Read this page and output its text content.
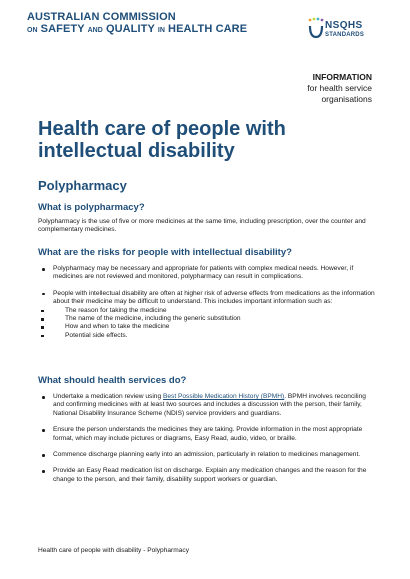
AUSTRALIAN COMMISSION
ON SAFETY AND QUALITY IN HEALTH CARE	NSQHS
STANDARDS
INFORMATION
for health service
organisations
Health care of people with intellectual disability
Polypharmacy
What is polypharmacy?
Polypharmacy is the use of five or more medicines at the same time, including prescription, over the counter and complementary medicines.
What are the risks for people with intellectual disability?
Polypharmacy may be necessary and appropriate for patients with complex medical needs. However, if medicines are not reviewed and monitored, polypharmacy can result in complications.
People with intellectual disability are often at higher risk of adverse effects from medications as the information about their medicine may be difficult to understand. This includes important information such as:
The reason for taking the medicine
The name of the medicine, including the generic substitution
How and when to take the medicine
Potential side effects.
What should health services do?
Undertake a medication review using Best Possible Medication History (BPMH). BPMH involves reconciling and confirming medicines with at least two sources and includes a discussion with the person, their family, National Disability Insurance Scheme (NDIS) service providers and guardians.
Ensure the person understands the medicines they are taking. Provide information in the most appropriate format, which may include pictures or diagrams, Easy Read, audio, video, or braille.
Commence discharge planning early into an admission, particularly in relation to medicines management.
Provide an Easy Read medication list on discharge. Explain any medication changes and the reason for the change to the person, and their family, disability support workers or guardian.
Health care of people with disability - Polypharmacy
